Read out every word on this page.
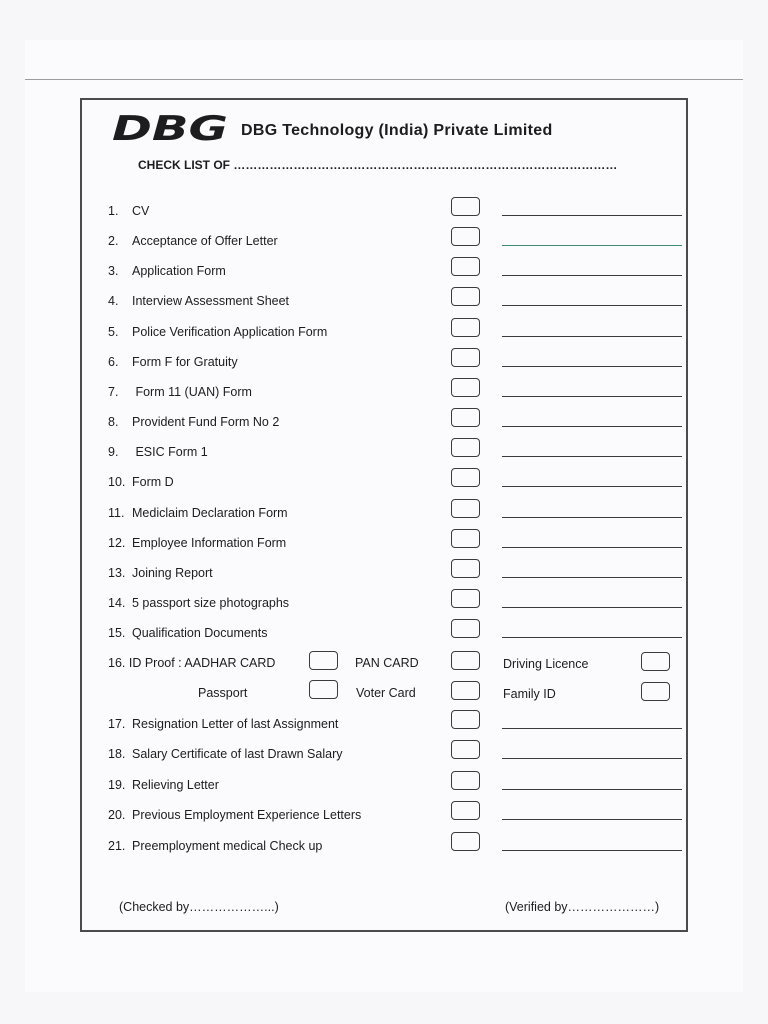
DBG DBG Technology (India) Private Limited
CHECK LIST OF ……………………………………………………………………………………
1. CV
2. Acceptance of Offer Letter
3. Application Form
4. Interview Assessment Sheet
5. Police Verification Application Form
6. Form F for Gratuity
7. Form 11 (UAN) Form
8. Provident Fund Form No 2
9. ESIC Form 1
10. Form D
11. Mediclaim Declaration Form
12. Employee Information Form
13. Joining Report
14. 5 passport size photographs
15. Qualification Documents
17. Resignation Letter of last Assignment
18. Salary Certificate of last Drawn Salary
19. Relieving Letter
20. Previous Employment Experience Letters
21. Preemployment medical Check up
16. ID Proof : AADHAR CARD	PAN CARD	Driving Licence
Passport	Voter Card	Family ID
(Checked by………………...)	(Verified by…………………)
